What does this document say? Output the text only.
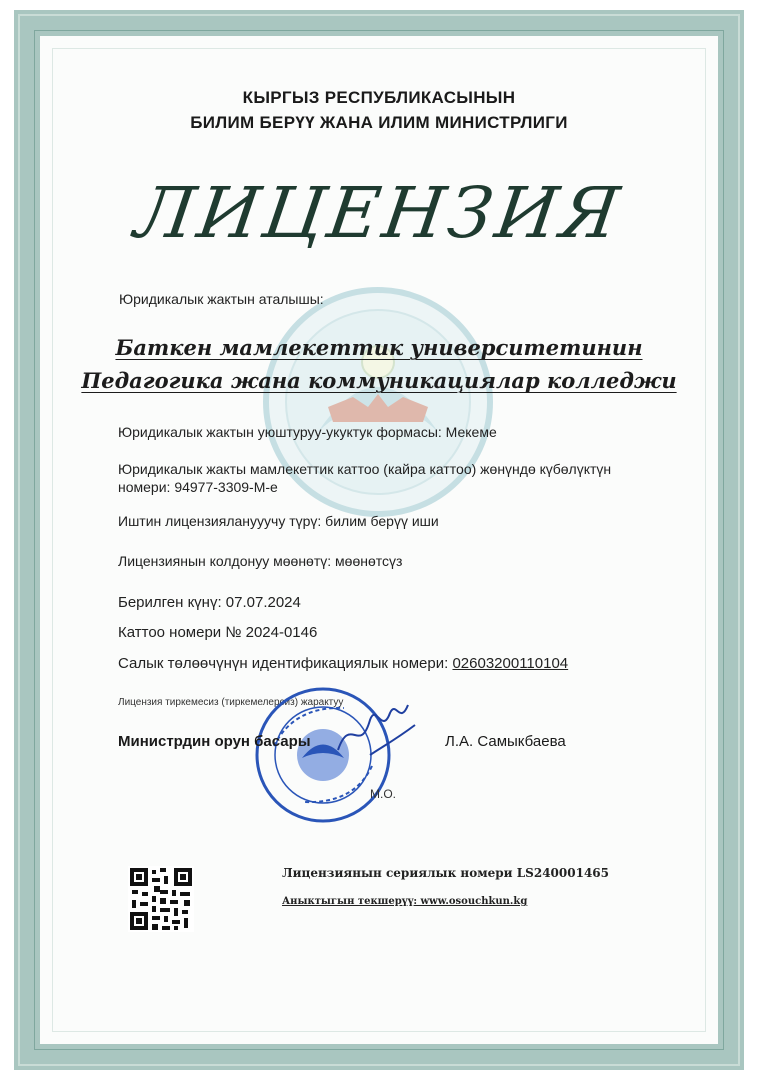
КЫРГЫЗ РЕСПУБЛИКАСЫНЫН
БИЛИМ БЕРҮҮ ЖАНА ИЛИМ МИНИСТРЛИГИ
ЛИЦЕНЗИЯ
Юридикалык жактын аталышы:
Баткен мамлекеттик университетинин
Педагогика жана коммуникациялар колледжи
Юридикалык жактын уюштуруу-укуктук формасы: Мекеме
Юридикалык жакты мамлекеттик каттоо (кайра каттоо) жөнүндө күбөлүктүн
номери: 94977-3309-М-е
Иштин лицензияланууучу түрү: билим берүү иши
Лицензиянын колдонуу мөөнөтү: мөөнөтсүз
Берилген күнү: 07.07.2024
Каттоо номери № 2024-0146
Салык төлөөчүнүн идентификациялык номери: 02603200110104
Лицензия тиркемесиз (тиркемелерсиз) жарактуу
Министрдин орун басары	Л.А. Самыкбаева
М.О.
Лицензиянын сериялык номери LS240001465
Аныктыгын текшерүү: www.osouchkun.kg
